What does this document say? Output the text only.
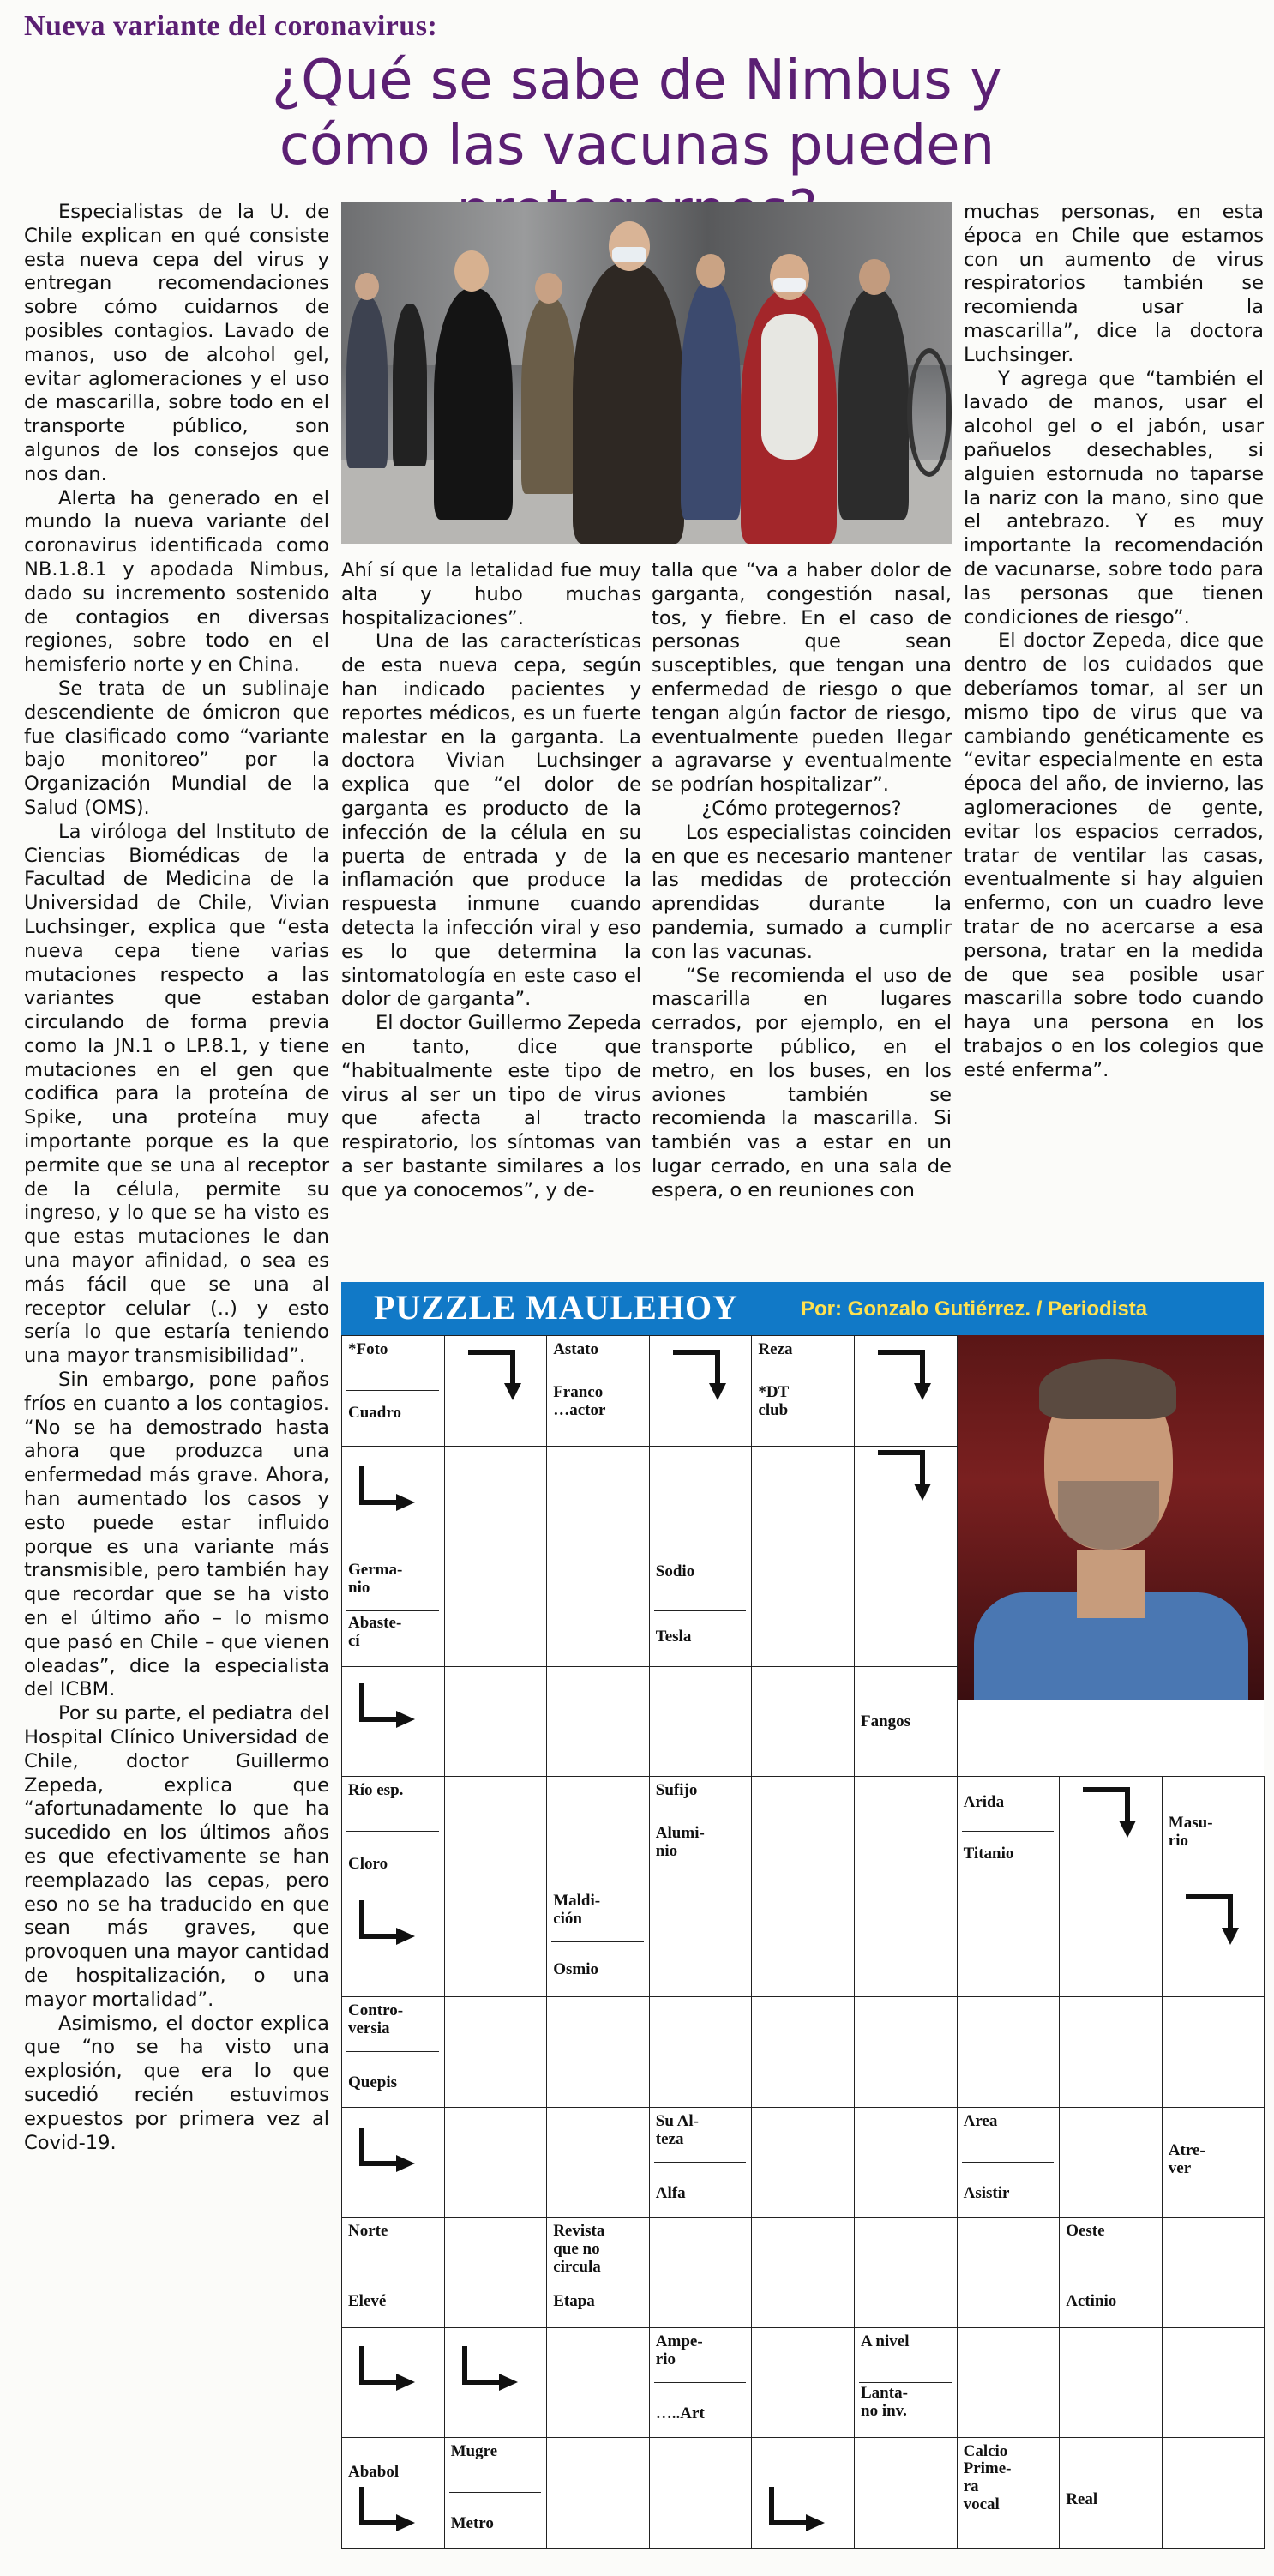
Nueva variante del coronavirus:
¿Qué se sabe de Nimbus y cómo las vacunas pueden

Especialistas de la U. de Chile explican en qué consiste esta nueva cepa del virus y entregan recomendaciones sobre cómo cuidarnos de posibles contagios. Lavado de manos, uso de alcohol gel, evitar aglomeraciones y el uso de mascarilla, sobre todo en el transporte público, son algunos de los consejos que nos dan.

Alerta ha generado en el mundo la nueva variante del coronavirus identificada como NB.1.8.1 y apodada Nimbus, dado su incremento sostenido de contagios en diversas regiones, sobre todo en el hemisferio norte y en China.

Se trata de un sublinaje descendiente de ómicron que fue clasificado como “variante bajo monitoreo” por la Organización Mundial de la Salud (OMS).

La viróloga del Instituto de Ciencias Biomédicas de la Facultad de Medicina de la Universidad de Chile, Vivian Luchsinger, explica que “esta nueva cepa tiene varias mutaciones respecto a las variantes que estaban circulando de forma previa como la JN.1 o LP.8.1, y tiene mutaciones en el gen que codifica para la proteína de Spike, una proteína muy importante porque es la que permite que se una al receptor de la célula, permite su ingreso, y lo que se ha visto es que estas mutaciones le dan una mayor afinidad, o sea es más fácil que se una al receptor celular (..) y esto sería lo que estaría teniendo una mayor transmisibilidad”.

Sin embargo, pone paños fríos en cuanto a los contagios. “No se ha demostrado hasta ahora que produzca una enfermedad más grave. Ahora, han aumentado los casos y esto puede estar influido porque es una variante más transmisible, pero también hay que recordar que se ha visto en el último año – lo mismo que pasó en Chile – que vienen oleadas”, dice la especialista del ICBM.

Por su parte, el pediatra del Hospital Clínico Universidad de Chile, doctor Guillermo Zepeda, explica que “afortunadamente lo que ha sucedido en los últimos años es que efectivamente se han reemplazado las cepas, pero eso no se ha traducido en que sean más graves, que provoquen una mayor cantidad de hospitalización, o una mayor mortalidad”.

Asimismo, el doctor explica que “no se ha visto una explosión, que era lo que sucedió recién estuvimos expuestos por primera vez al Covid-19.

Ahí sí que la letalidad fue muy alta y hubo muchas hospitalizaciones”.

Una de las características de esta nueva cepa, según han indicado pacientes y reportes médicos, es un fuerte malestar en la garganta. La doctora Vivian Luchsinger explica que “el dolor de garganta es producto de la infección de la célula en su puerta de entrada y de la inflamación que produce la respuesta inmune cuando detecta la infección viral y eso es lo que determina la sintomatología en este caso el dolor de garganta”.

El doctor Guillermo Zepeda en tanto, dice que “habitualmente este tipo de virus al ser un tipo de virus que afecta al tracto respiratorio, los síntomas van a ser bastante similares a los que ya conocemos”, y de-

talla que “va a haber dolor de garganta, congestión nasal, tos, y fiebre. En el caso de personas que sean susceptibles, que tengan una enfermedad de riesgo o que tengan algún factor de riesgo, eventualmente pueden llegar a agravarse y eventualmente se podrían hospitalizar”.

¿Cómo protegernos?

Los especialistas coinciden en que es necesario mantener las medidas de protección aprendidas durante la pandemia, sumado a cumplir con las vacunas.

“Se recomienda el uso de mascarilla en lugares cerrados, por ejemplo, en el transporte público, en el metro, en los buses, en los aviones también se recomienda la mascarilla. Si también vas a estar en un lugar cerrado, en una sala de espera, o en reuniones con

muchas personas, en esta época en Chile que estamos con un aumento de virus respiratorios también se recomienda usar la mascarilla”, dice la doctora Luchsinger.

Y agrega que “también el lavado de manos, usar el alcohol gel o el jabón, usar pañuelos desechables, si alguien estornuda no taparse la nariz con la mano, sino que el antebrazo. Y es muy importante la recomendación de vacunarse, sobre todo para las personas que tienen condiciones de riesgo”.

El doctor Zepeda, dice que dentro de los cuidados que deberíamos tomar, al ser un mismo tipo de virus que va cambiando genéticamente es “evitar especialmente en esta época del año, de invierno, las aglomeraciones de gente, evitar los espacios cerrados, tratar de ventilar las casas, eventualmente si hay alguien enfermo, con un cuadro leve tratar de no acercarse a esa persona, tratar en la medida de que sea posible usar mascarilla sobre todo cuando haya una persona en los trabajos o en los colegios que esté enferma”.

PUZZLE MAULEHOY	Por: Gonzalo Gutiérrez. / Periodista
*Foto
Cuadro
Astato
Franco
…actor
Reza
*DT
club
Germa-
nio
Abaste-
cí
Sodio
Tesla
Fangos
Río esp.
Cloro
Sufijo
Alumi-
nio
Arida
Titanio
Masu-
rio
Maldi-
ción
Osmio
Contro-
versia
Quepis
Su Al-
teza
Alfa
Area
Asistir
Atre-
ver
Norte
Elevé
Revista
que no
circula
Etapa
Oeste
Actinio
Ampe-
rio
…..Art
A nivel
Lanta-
no inv.
Ababol
Mugre
Metro
Calcio
Prime-
ra
vocal	Real
